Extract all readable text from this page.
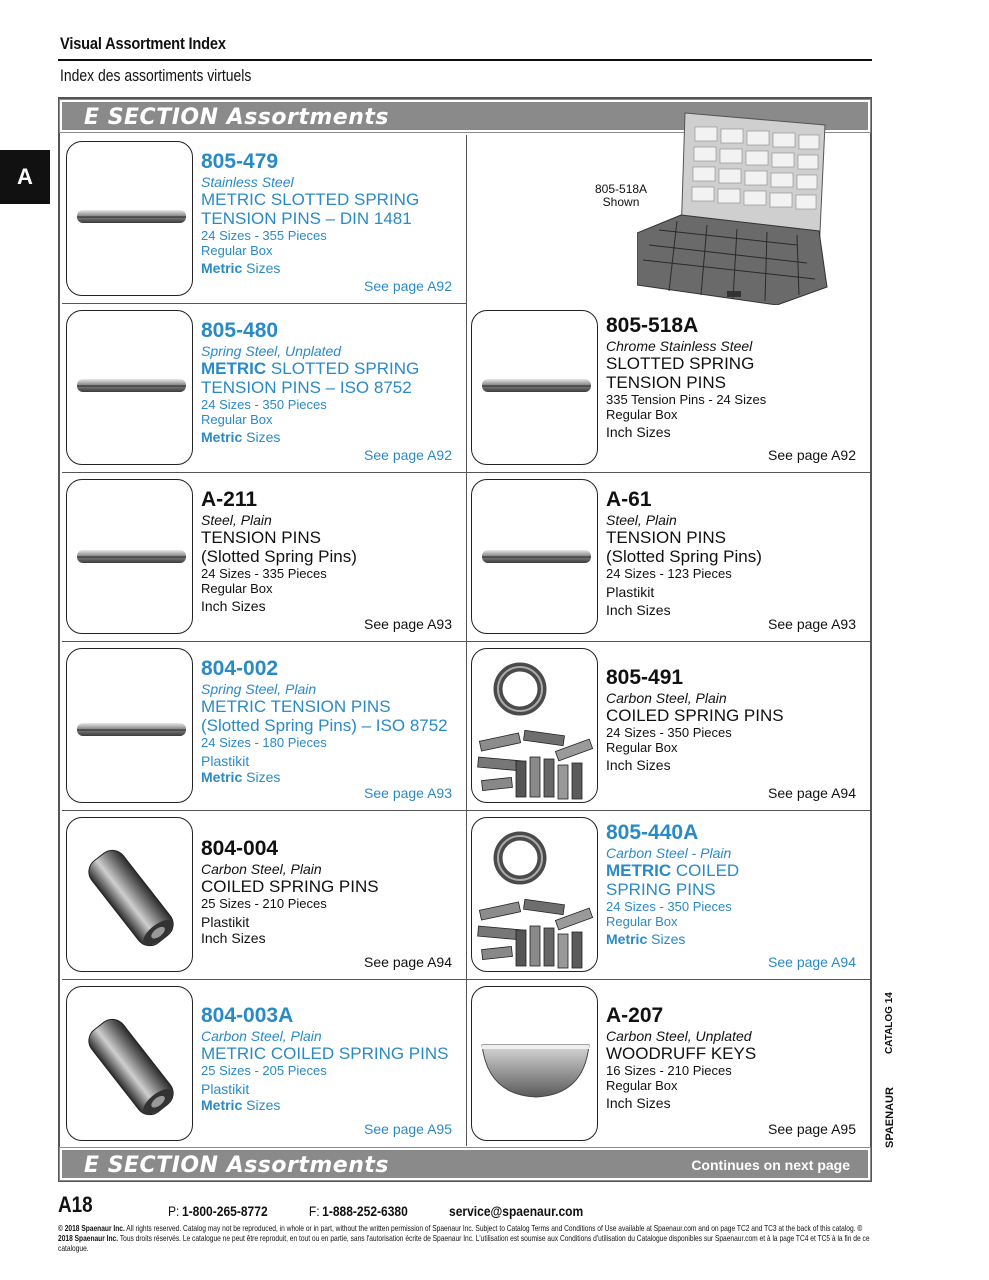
Visual Assortment Index
Index des assortiments virtuels
A
E SECTION Assortments
805-479
Stainless Steel
METRIC SLOTTED SPRING
TENSION PINS – DIN 1481
24 Sizes - 355 Pieces
Regular Box
Metric Sizes
See page A92
805-518A
Shown
805-480
Spring Steel, Unplated
METRIC SLOTTED SPRING
TENSION PINS – ISO 8752
24 Sizes - 350 Pieces
Regular Box
Metric Sizes
See page A92
805-518A
Chrome Stainless Steel
SLOTTED SPRING
TENSION PINS
335 Tension Pins - 24 Sizes
Regular Box
Inch Sizes
See page A92
A-211
Steel, Plain
TENSION PINS
(Slotted Spring Pins)
24 Sizes - 335 Pieces
Regular Box
Inch Sizes
See page A93
A-61
Steel, Plain
TENSION PINS
(Slotted Spring Pins)
24 Sizes - 123 Pieces
Plastikit
Inch Sizes
See page A93
804-002
Spring Steel, Plain
METRIC TENSION PINS
(Slotted Spring Pins) – ISO 8752
24 Sizes - 180 Pieces
Plastikit
Metric Sizes
See page A93
805-491
Carbon Steel, Plain
COILED SPRING PINS
24 Sizes - 350 Pieces
Regular Box
Inch Sizes
See page A94
804-004
Carbon Steel, Plain
COILED SPRING PINS
25 Sizes - 210 Pieces
Plastikit
Inch Sizes
See page A94
805-440A
Carbon Steel - Plain
METRIC COILED
SPRING PINS
24 Sizes - 350 Pieces
Regular Box
Metric Sizes
See page A94
804-003A
Carbon Steel, Plain
METRIC COILED SPRING PINS
25 Sizes - 205 Pieces
Plastikit
Metric Sizes
See page A95
A-207
Carbon Steel, Unplated
WOODRUFF KEYS
16 Sizes - 210 Pieces
Regular Box
Inch Sizes
See page A95
E SECTION Assortments	Continues on next page
CATALOG 14
SPAENAUR
A18	P: 1-800-265-8772	F: 1-888-252-6380	service@spaenaur.com
© 2018 Spaenaur Inc. All rights reserved. Catalog may not be reproduced, in whole or in part, without the written permission of Spaenaur Inc. Subject to Catalog Terms and Conditions of Use available at Spaenaur.com and on page TC2 and TC3 at the back of this catalog. © 2018 Spaenaur Inc. Tous droits réservés. Le catalogue ne peut être reproduit, en tout ou en partie, sans l'autorisation écrite de Spaenaur Inc. L'utilisation est soumise aux Conditions d'utilisation du Catalogue disponibles sur Spaenaur.com et à la page TC4 et TC5 à la fin de ce catalogue.
